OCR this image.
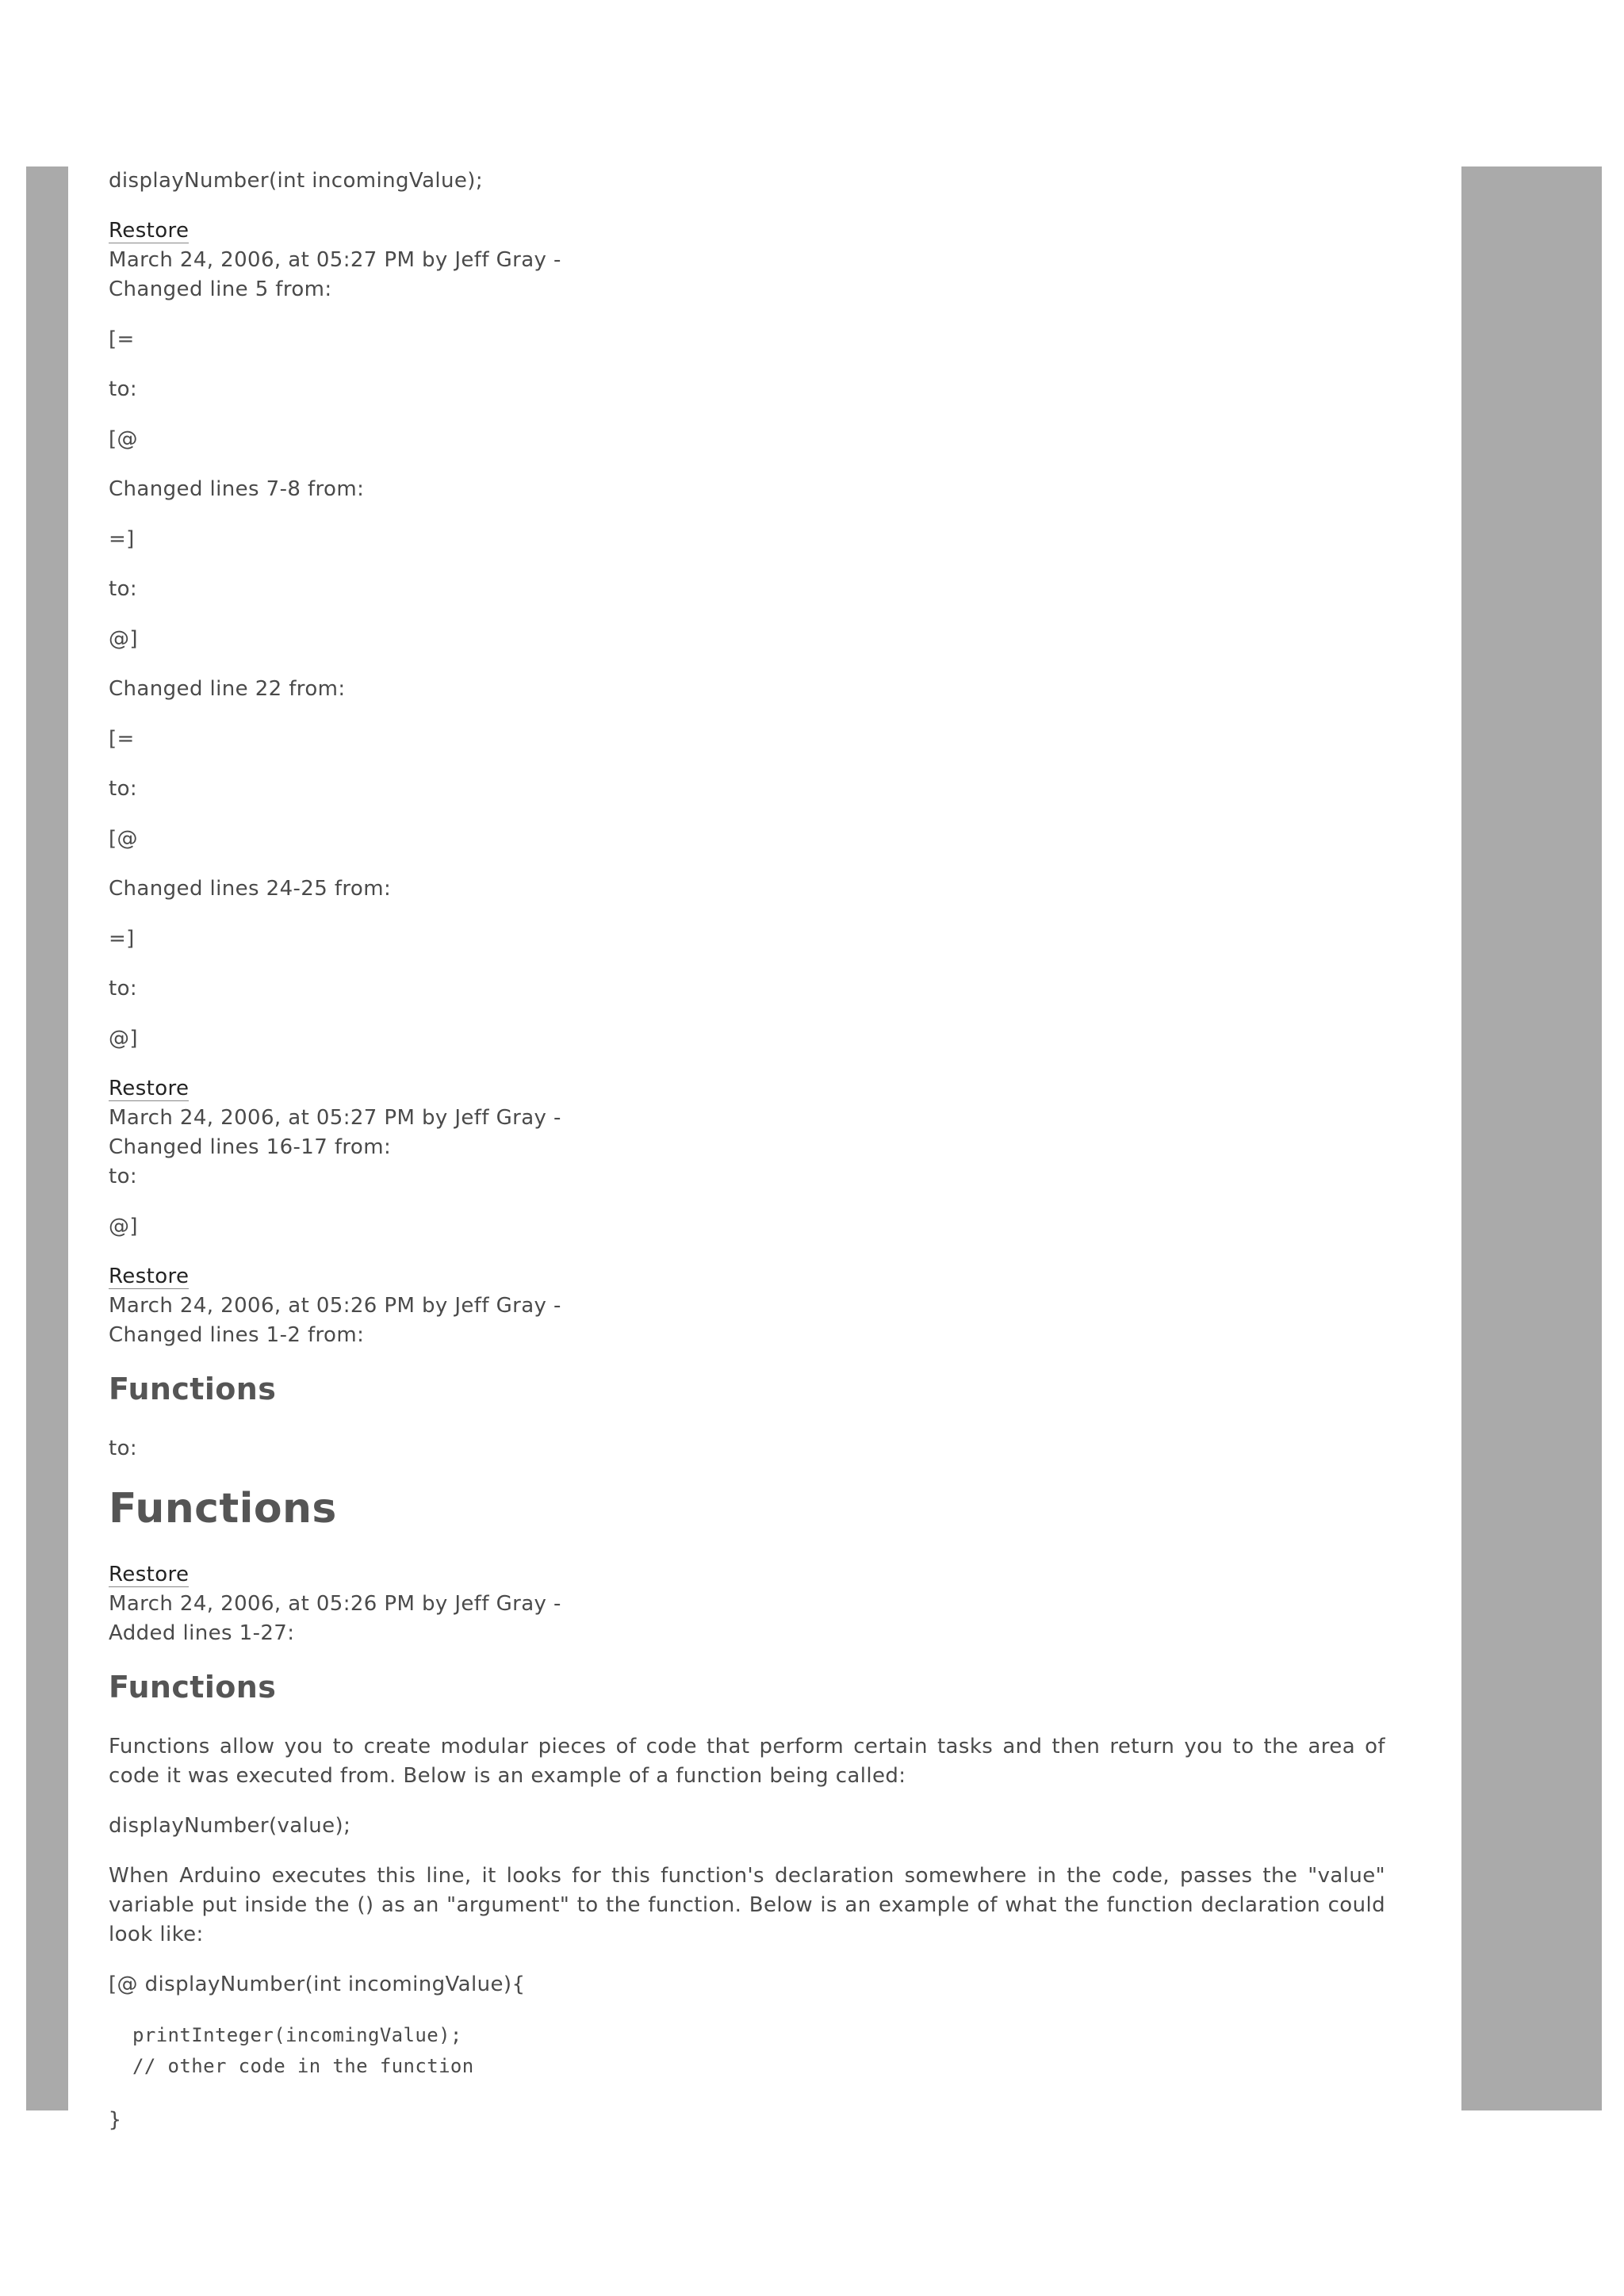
displayNumber(int incomingValue);

Restore
March 24, 2006, at 05:27 PM by Jeff Gray -
Changed line 5 from:

[=

to:

[@

Changed lines 7-8 from:

=]

to:

@]

Changed line 22 from:

[=

to:

[@

Changed lines 24-25 from:

=]

to:

@]

Restore
March 24, 2006, at 05:27 PM by Jeff Gray -
Changed lines 16-17 from:
to:

@]

Restore
March 24, 2006, at 05:26 PM by Jeff Gray -
Changed lines 1-2 from:
Functions

to:

Functions
Restore
March 24, 2006, at 05:26 PM by Jeff Gray -
Added lines 1-27:
Functions

Functions allow you to create modular pieces of code that perform certain tasks and then return you to the area of code it was executed from. Below is an example of a function being called:

displayNumber(value);

When Arduino executes this line, it looks for this function's declaration somewhere in the code, passes the "value" variable put inside the () as an "argument" to the function. Below is an example of what the function declaration could look like:

[@ displayNumber(int incomingValue){

printInteger(incomingValue);
// other code in the function

}
